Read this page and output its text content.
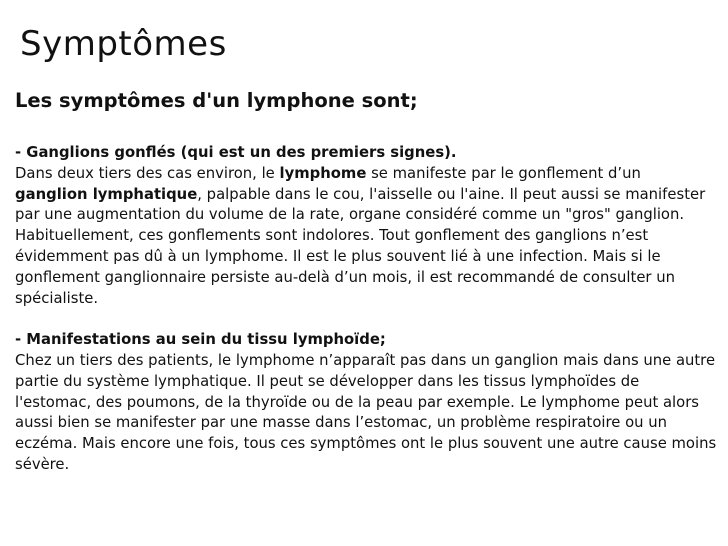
Symptômes
Les symptômes d'un lymphone sont;

- Ganglions gonflés (qui est un des premiers signes).

Dans deux tiers des cas environ, le lymphome se manifeste par le gonflement d’un ganglion lymphatique, palpable dans le cou, l'aisselle ou l'aine. Il peut aussi se manifester par une augmentation du volume de la rate, organe considéré comme un "gros" ganglion. Habituellement, ces gonflements sont indolores. Tout gonflement des ganglions n’est évidemment pas dû à un lymphome. Il est le plus souvent lié à une infection. Mais si le gonflement ganglionnaire persiste au-delà d’un mois, il est recommandé de consulter un spécialiste.

- Manifestations au sein du tissu lymphoïde;

Chez un tiers des patients, le lymphome n’apparaît pas dans un ganglion mais dans une autre partie du système lymphatique. Il peut se développer dans les tissus lymphoïdes de l'estomac, des poumons, de la thyroïde ou de la peau par exemple. Le lymphome peut alors aussi bien se manifester par une masse dans l’estomac, un problème respiratoire ou un eczéma. Mais encore une fois, tous ces symptômes ont le plus souvent une autre cause moins sévère.
